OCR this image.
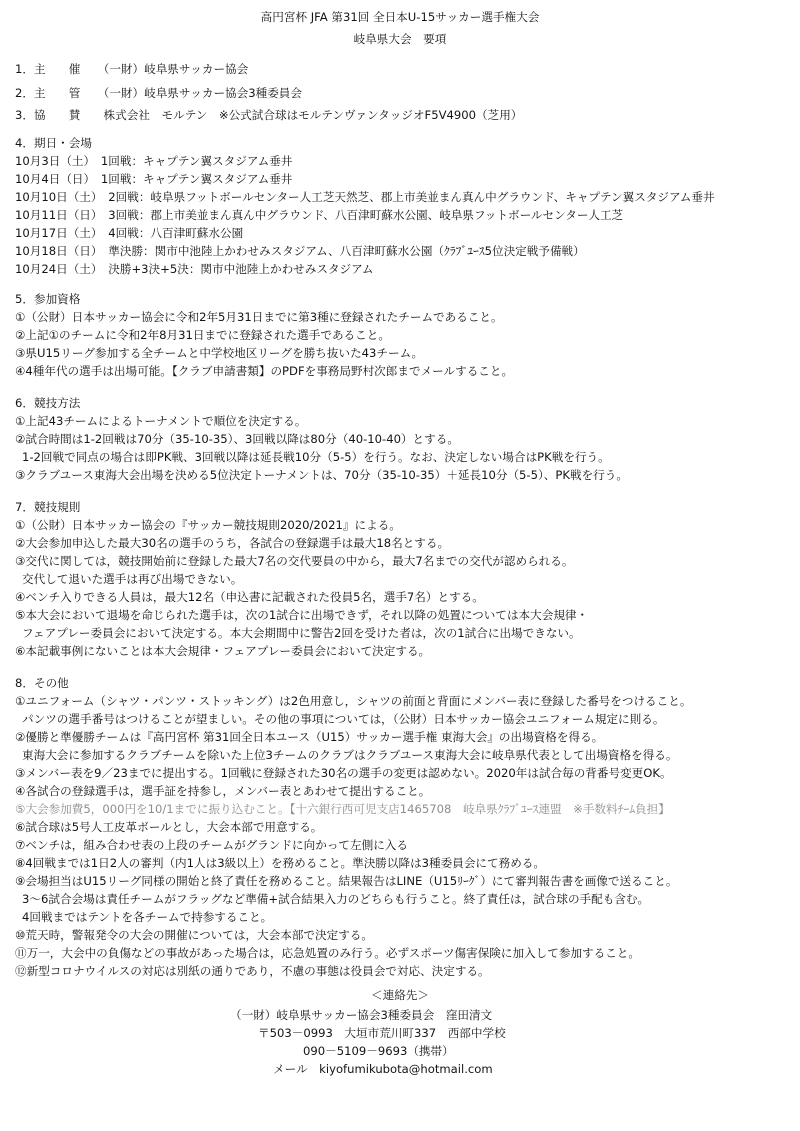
高円宮杯 JFA 第31回 全日本U-15サッカー選手権大会

岐阜県大会　要項

1．主　　催　　（一財）岐阜県サッカー協会

2．主　　管　　（一財）岐阜県サッカー協会3種委員会

3．協　　賛　　株式会社　モルテン　※公式試合球はモルテンヴァンタッジオF5V4900（芝用）

4．期日・会場

10月3日（土）　1回戦：キャプテン翼スタジアム垂井

10月4日（日）　1回戦：キャプテン翼スタジアム垂井

10月10日（土）　2回戦：岐阜県フットボールセンター人工芝天然芝、郡上市美並まん真ん中グラウンド、キャプテン翼スタジアム垂井

10月11日（日）　3回戦：郡上市美並まん真ん中グラウンド、八百津町蘇水公園、岐阜県フットボールセンター人工芝

10月17日（土）　4回戦：八百津町蘇水公園

10月18日（日）　準決勝：関市中池陸上かわせみスタジアム、八百津町蘇水公園（ｸﾗﾌﾞﾕｰｽ5位決定戦予備戦）

10月24日（土）　決勝+3決+5決：関市中池陸上かわせみスタジアム

5．参加資格

①（公財）日本サッカー協会に令和2年5月31日までに第3種に登録されたチームであること。

②上記①のチームに令和2年8月31日までに登録された選手であること。

③県U15リーグ参加する全チームと中学校地区リーグを勝ち抜いた43チーム。

④4種年代の選手は出場可能。【クラブ申請書類】のPDFを事務局野村次郎までメールすること。

6．競技方法

①上記43チームによるトーナメントで順位を決定する。

②試合時間は1-2回戦は70分（35-10-35）、3回戦以降は80分（40-10-40）とする。

1-2回戦で同点の場合は即PK戦、3回戦以降は延長戦10分（5-5）を行う。なお、決定しない場合はPK戦を行う。

③クラブユース東海大会出場を決める5位決定トーナメントは、70分（35-10-35）＋延長10分（5-5）、PK戦を行う。

7．競技規則

①（公財）日本サッカー協会の『サッカー競技規則2020/2021』による。

②大会参加申込した最大30名の選手のうち，各試合の登録選手は最大18名とする。

③交代に関しては，競技開始前に登録した最大7名の交代要員の中から，最大7名までの交代が認められる。

交代して退いた選手は再び出場できない。

④ベンチ入りできる人員は，最大12名（申込書に記載された役員5名，選手7名）とする。

⑤本大会において退場を命じられた選手は，次の1試合に出場できず，それ以降の処置については本大会規律・

フェアプレー委員会において決定する。本大会期間中に警告2回を受けた者は，次の1試合に出場できない。

⑥本記載事例にないことは本大会規律・フェアプレー委員会において決定する。

8．その他

①ユニフォーム（シャツ・パンツ・ストッキング）は2色用意し，シャツの前面と背面にメンバー表に登録した番号をつけること。

パンツの選手番号はつけることが望ましい。その他の事項については，（公財）日本サッカー協会ユニフォーム規定に則る。

②優勝と準優勝チームは『高円宮杯 第31回全日本ユース（U15）サッカー選手権 東海大会』の出場資格を得る。

東海大会に参加するクラブチームを除いた上位3チームのクラブはクラブユース東海大会に岐阜県代表として出場資格を得る。

③メンバー表を9／23までに提出する。1回戦に登録された30名の選手の変更は認めない。2020年は試合毎の背番号変更OK。

④各試合の登録選手は，選手証を持参し，メンバー表とあわせて提出すること。

⑤大会参加費5，000円を10/1までに振り込むこと。【十六銀行西可児支店1465708　岐阜県ｸﾗﾌﾞﾕｰｽ連盟　※手数料ﾁｰﾑ負担】

⑥試合球は5号人工皮革ボールとし，大会本部で用意する。

⑦ベンチは，組み合わせ表の上段のチームがグランドに向かって左側に入る

⑧4回戦までは1日2人の審判（内1人は3級以上）を務めること。準決勝以降は3種委員会にて務める。

⑨会場担当はU15リーグ同様の開始と終了責任を務めること。結果報告はLINE（U15ﾘｰｸﾞ）にて審判報告書を画像で送ること。

3～6試合会場は責任チームがフラッグなど準備+試合結果入力のどちらも行うこと。終了責任は，試合球の手配も含む。

4回戦まではテントを各チームで持参すること。

⑩荒天時，警報発令の大会の開催については，大会本部で決定する。

⑪万一，大会中の負傷などの事故があった場合は，応急処置のみ行う。必ずスポーツ傷害保険に加入して参加すること。

⑫新型コロナウイルスの対応は別紙の通りであり，不慮の事態は役員会で対応、決定する。

＜連絡先＞

（一財）岐阜県サッカー協会3種委員会　窪田清文

〒503－0993　大垣市荒川町337　西部中学校

090－5109－9693（携帯）

メール　kiyofumikubota@hotmail.com
